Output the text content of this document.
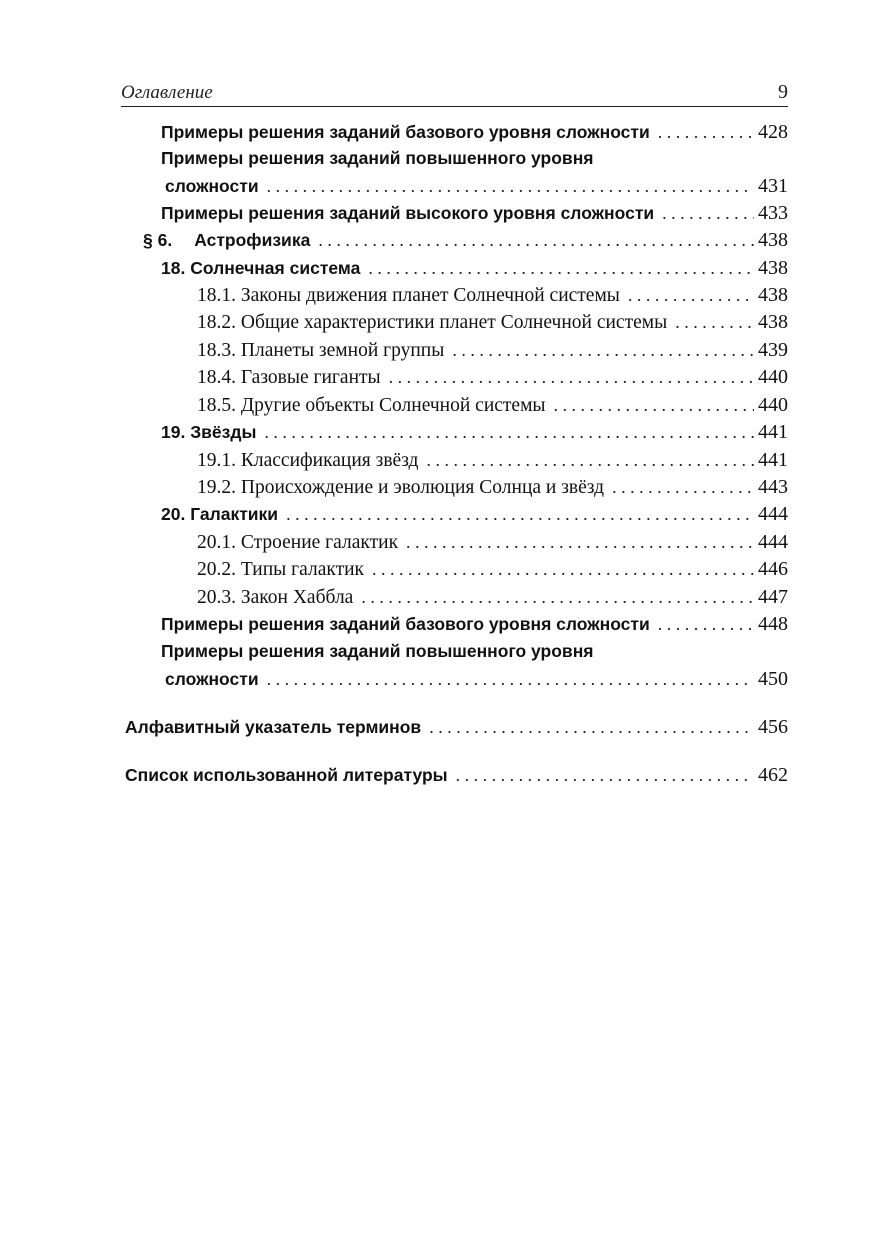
Оглавление	9
Примеры решения заданий базового уровня сложности . . .	428
Примеры решения заданий повышенного уровня
сложности . . .	431
Примеры решения заданий высокого уровня сложности . . .	433
§ 6. Астрофизика . . .	438
18. Солнечная система . . .	438
18.1. Законы движения планет Солнечной системы . . .	438
18.2. Общие характеристики планет Солнечной системы . . .	438
18.3. Планеты земной группы . . .	439
18.4. Газовые гиганты . . .	440
18.5. Другие объекты Солнечной системы . . .	440
19. Звёзды . . .	441
19.1. Классификация звёзд . . .	441
19.2. Происхождение и эволюция Солнца и звёзд . . .	443
20. Галактики . . .	444
20.1. Строение галактик . . .	444
20.2. Типы галактик . . .	446
20.3. Закон Хаббла . . .	447
Примеры решения заданий базового уровня сложности . . .	448
Примеры решения заданий повышенного уровня
сложности . . .	450
Алфавитный указатель терминов . . .	456
Список использованной литературы . . .	462
